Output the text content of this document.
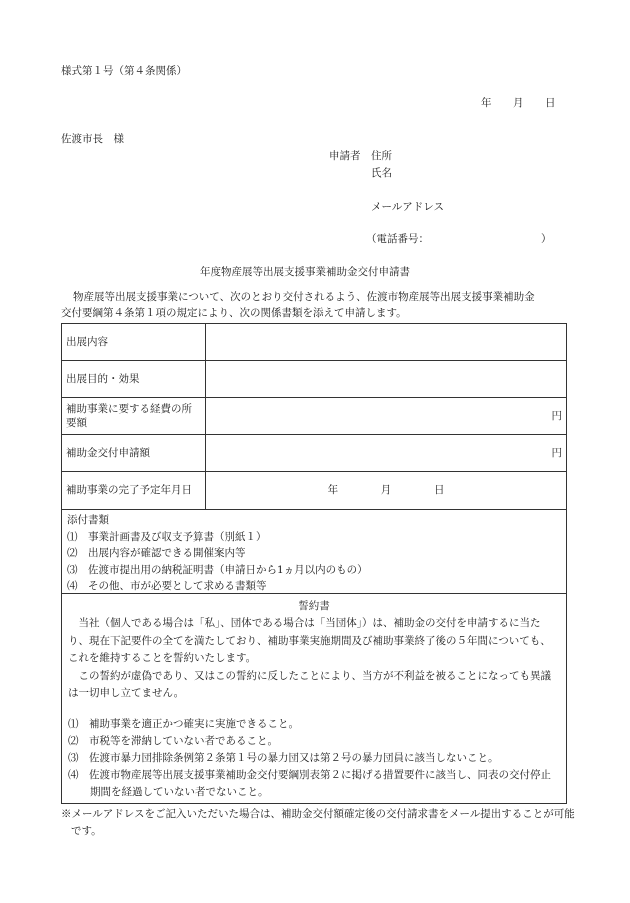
様式第１号（第４条関係）
年 月 日
佐渡市長　様
申請者 住所
氏名
メールアドレス
（電話番号：	）
年度物産展等出展支援事業補助金交付申請書
物産展等出展支援事業について、次のとおり交付されるよう、佐渡市物産展等出展支援事業補助金
交付要綱第４条第１項の規定により、次の関係書類を添えて申請します。
出展内容	
出展目的・効果	
補助事業に要する経費の所要額	円
補助金交付申請額	円
補助事業の完了予定年月日	年 月 日
添付書類
⑴　事業計画書及び収支予算書（別紙１）
⑵　出展内容が確認できる開催案内等
⑶　佐渡市提出用の納税証明書（申請日から1ヵ月以内のもの）
⑷　その他、市が必要として求める書類等
誓約書
当社（個人である場合は「私」、団体である場合は「当団体」）は、補助金の交付を申請するに当たり、現在下記要件の全てを満たしており、補助事業実施期間及び補助事業終了後の５年間についても、これを維持することを誓約いたします。
この誓約が虚偽であり、又はこの誓約に反したことにより、当方が不利益を被ることになっても異議は一切申し立てません。
⑴　補助事業を適正かつ確実に実施できること。
⑵　市税等を滞納していない者であること。
⑶　佐渡市暴力団排除条例第２条第１号の暴力団又は第２号の暴力団員に該当しないこと。
⑷　佐渡市物産展等出展支援事業補助金交付要綱別表第２に掲げる措置要件に該当し、同表の交付停止期間を経過していない者でないこと。
※メールアドレスをご記入いただいた場合は、補助金交付額確定後の交付請求書をメール提出することが可能です。
